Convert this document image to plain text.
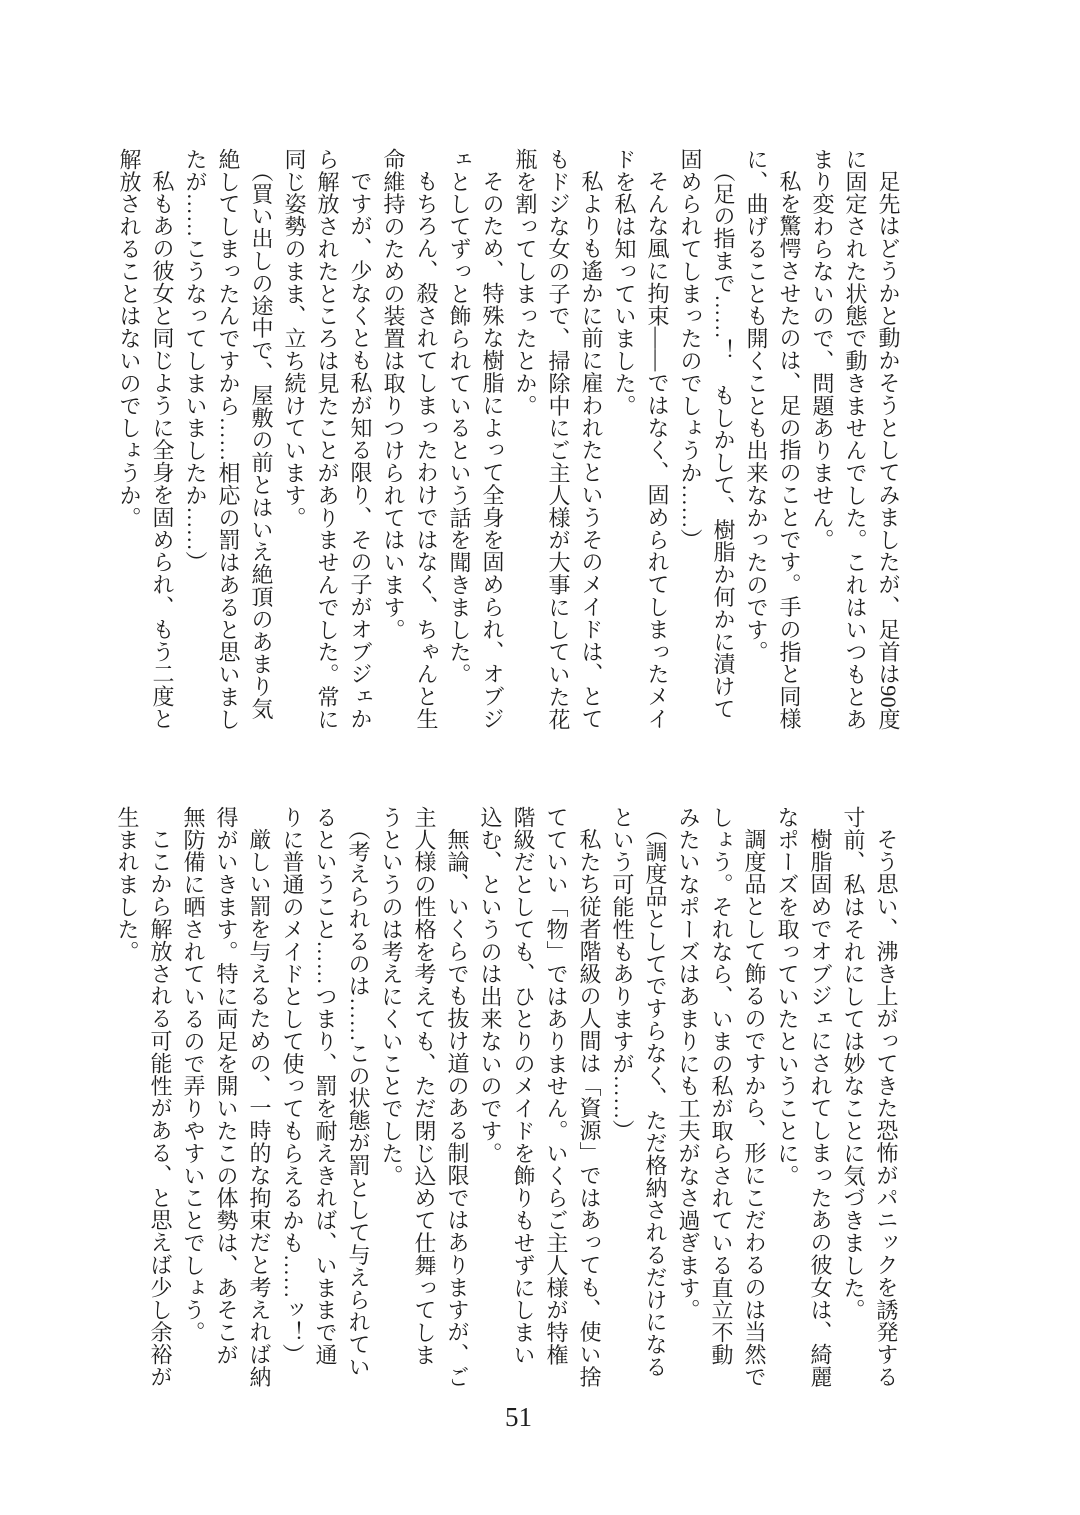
足先はどうかと動かそうとしてみましたが、足首は90度に固定された状態で動きませんでした。これはいつもとあまり変わらないので、問題ありません。

私を驚愕させたのは、足の指のことです。手の指と同様に、曲げることも開くことも出来なかったのです。

（足の指まで……！　もしかして、樹脂か何かに漬けて固められてしまったのでしょうか……）

そんな風に拘束――ではなく、固められてしまったメイドを私は知っていました。

私よりも遙かに前に雇われたというそのメイドは、とてもドジな女の子で、掃除中にご主人様が大事にしていた花瓶を割ってしまったとか。

そのため、特殊な樹脂によって全身を固められ、オブジェとしてずっと飾られているという話を聞きました。

もちろん、殺されてしまったわけではなく、ちゃんと生命維持のための装置は取りつけられてはいます。

ですが、少なくとも私が知る限り、その子がオブジェから解放されたところは見たことがありませんでした。常に同じ姿勢のまま、立ち続けています。

（買い出しの途中で、屋敷の前とはいえ絶頂のあまり気絶してしまったんですから……相応の罰はあると思いましたが……こうなってしまいましたか……）

私もあの彼女と同じように全身を固められ、もう二度と解放されることはないのでしょうか。

そう思い、沸き上がってきた恐怖がパニックを誘発する寸前、私はそれにしては妙なことに気づきました。

樹脂固めでオブジェにされてしまったあの彼女は、綺麗なポーズを取っていたということに。

調度品として飾るのですから、形にこだわるのは当然でしょう。それなら、いまの私が取らされている直立不動みたいなポーズはあまりにも工夫がなさ過ぎます。

（調度品としてですらなく、ただ格納されるだけになるという可能性もありますが……）

私たち従者階級の人間は「資源」ではあっても、使い捨てていい「物」ではありません。いくらご主人様が特権階級だとしても、ひとりのメイドを飾りもせずにしまい込む、というのは出来ないのです。

無論、いくらでも抜け道のある制限ではありますが、ご主人様の性格を考えても、ただ閉じ込めて仕舞ってしまうというのは考えにくいことでした。

（考えられるのは……この状態が罰として与えられているということ……つまり、罰を耐えきれば、いままで通りに普通のメイドとして使ってもらえるかも……ッ！）

厳しい罰を与えるための、一時的な拘束だと考えれば納得がいきます。特に両足を開いたこの体勢は、あそこが無防備に晒されているので弄りやすいことでしょう。

ここから解放される可能性がある、と思えば少し余裕が生まれました。

51
